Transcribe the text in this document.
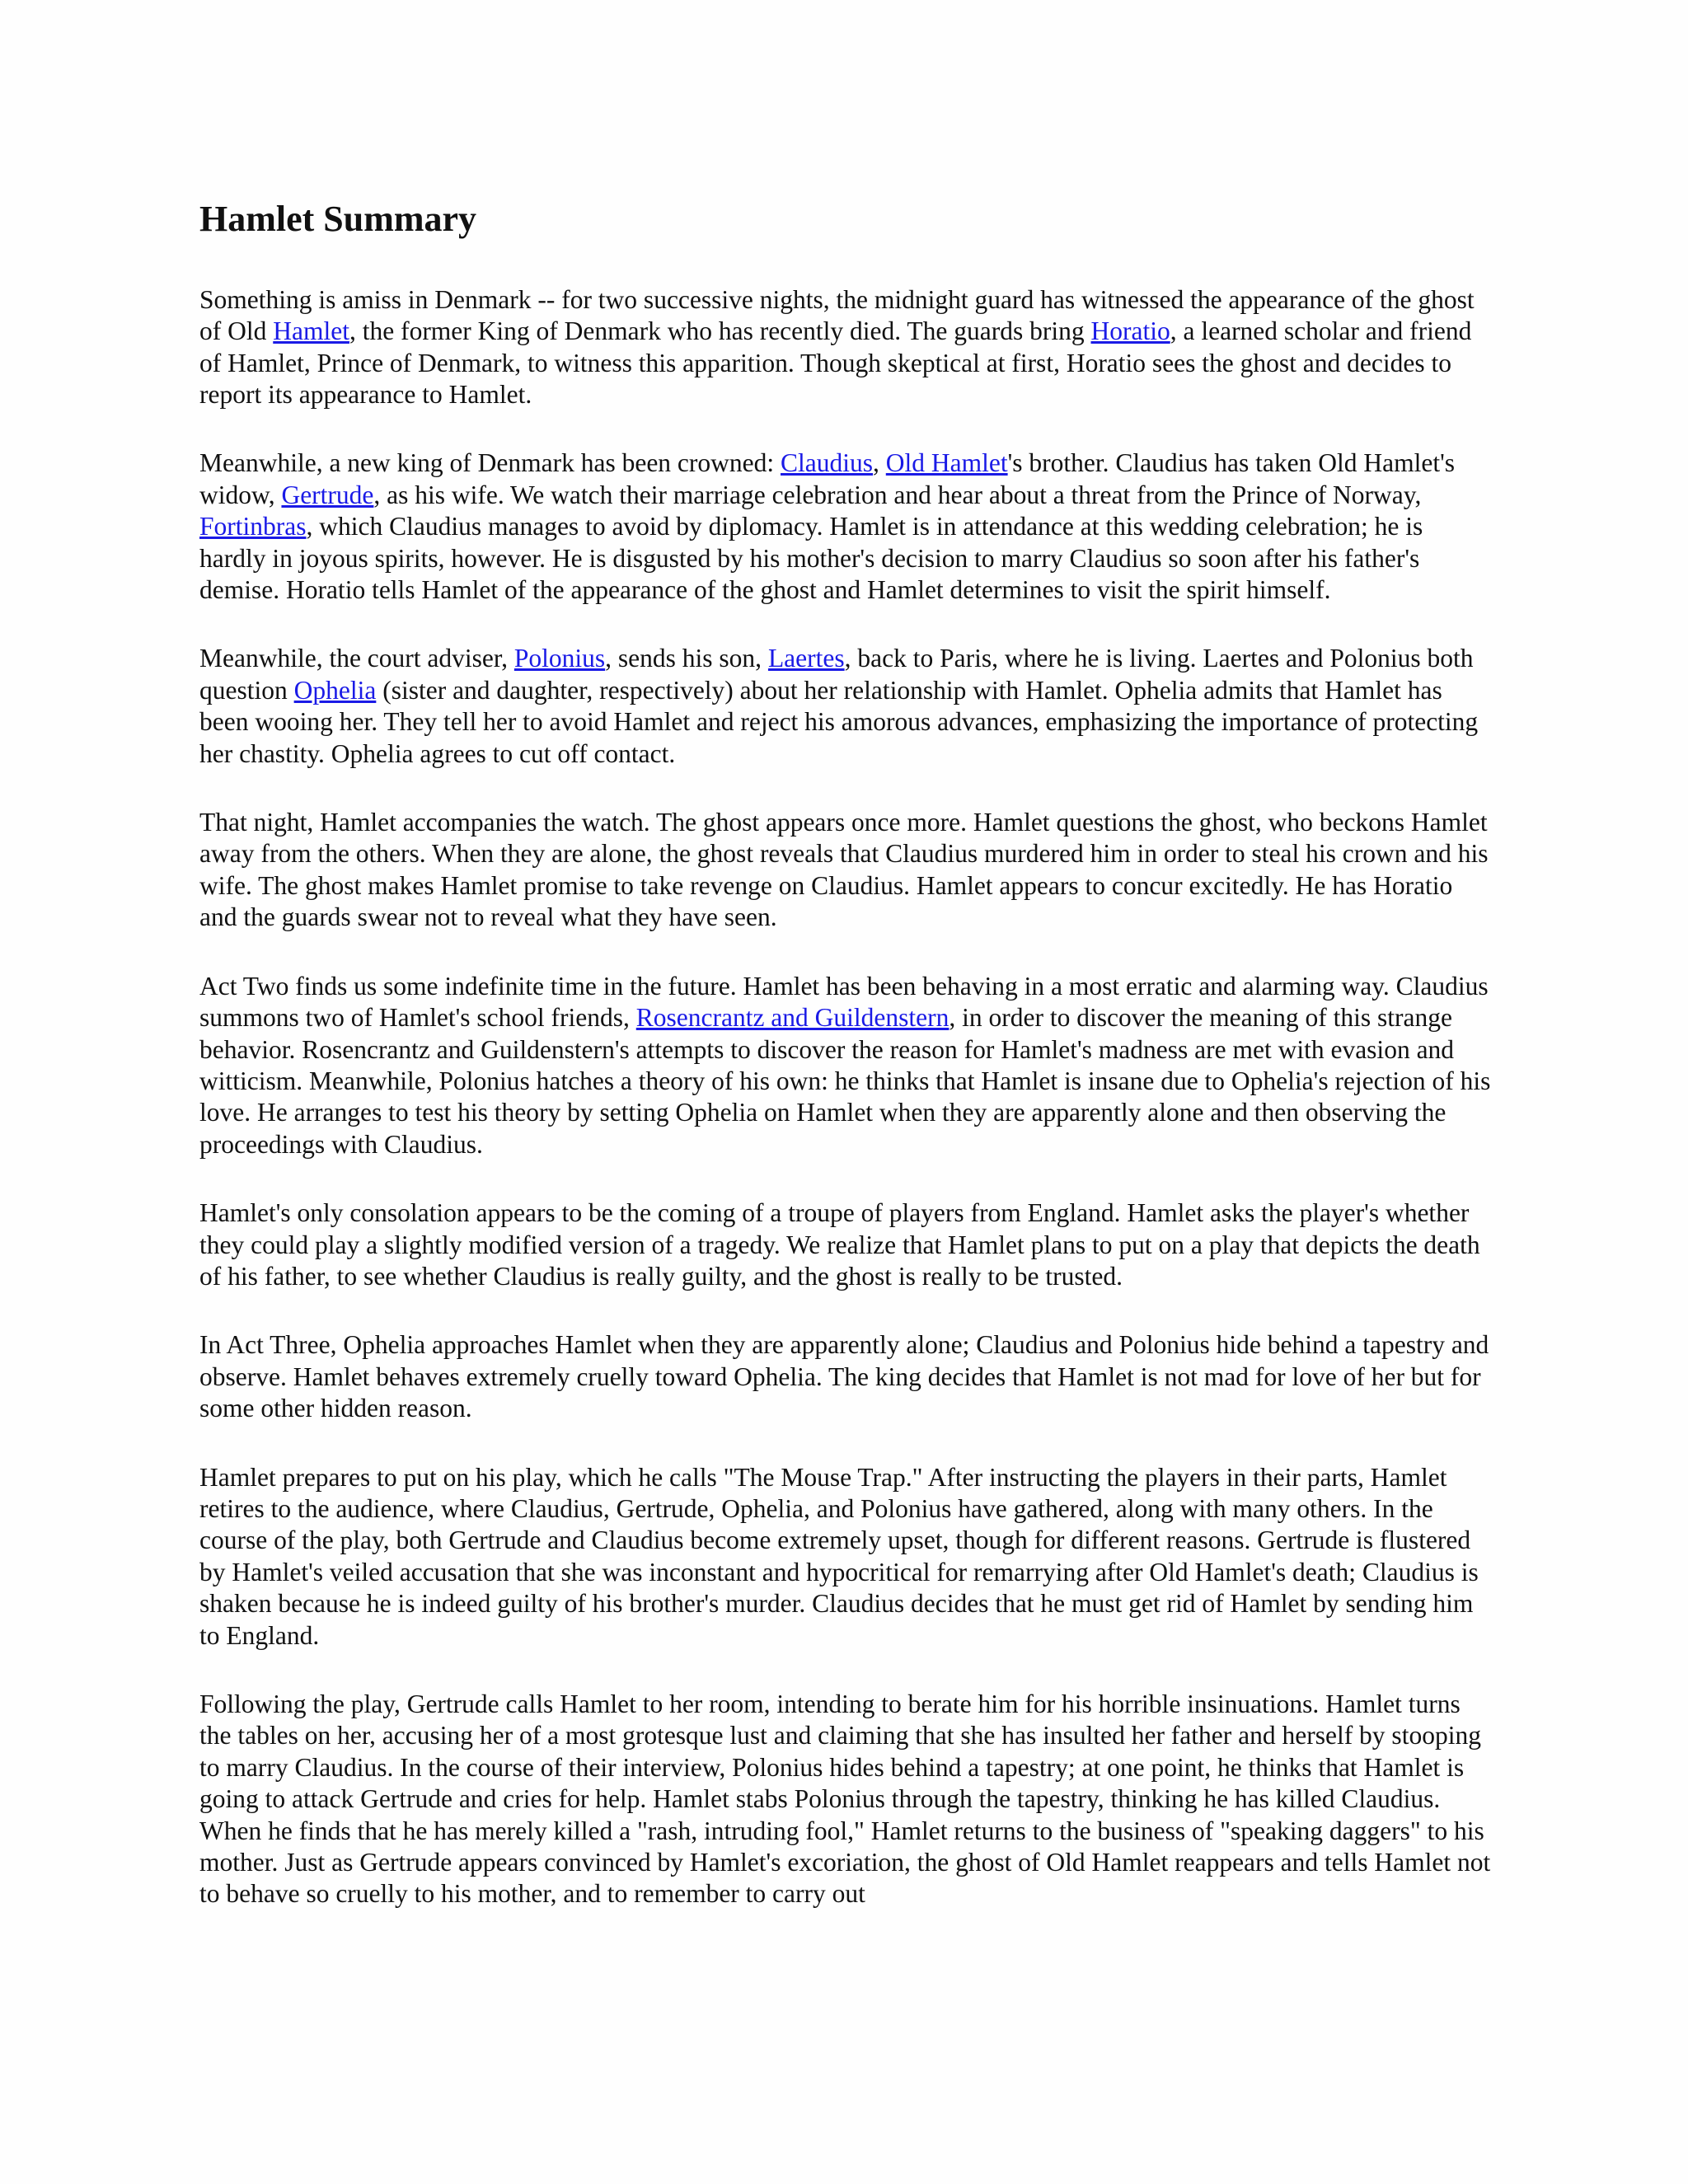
Hamlet Summary

Something is amiss in Denmark -- for two successive nights, the midnight guard has witnessed the appearance of the ghost of Old Hamlet, the former King of Denmark who has recently died. The guards bring Horatio, a learned scholar and friend of Hamlet, Prince of Denmark, to witness this apparition. Though skeptical at first, Horatio sees the ghost and decides to report its appearance to Hamlet.

Meanwhile, a new king of Denmark has been crowned: Claudius, Old Hamlet's brother. Claudius has taken Old Hamlet's widow, Gertrude, as his wife. We watch their marriage celebration and hear about a threat from the Prince of Norway, Fortinbras, which Claudius manages to avoid by diplomacy. Hamlet is in attendance at this wedding celebration; he is hardly in joyous spirits, however. He is disgusted by his mother's decision to marry Claudius so soon after his father's demise. Horatio tells Hamlet of the appearance of the ghost and Hamlet determines to visit the spirit himself.

Meanwhile, the court adviser, Polonius, sends his son, Laertes, back to Paris, where he is living. Laertes and Polonius both question Ophelia (sister and daughter, respectively) about her relationship with Hamlet. Ophelia admits that Hamlet has been wooing her. They tell her to avoid Hamlet and reject his amorous advances, emphasizing the importance of protecting her chastity. Ophelia agrees to cut off contact.

That night, Hamlet accompanies the watch. The ghost appears once more. Hamlet questions the ghost, who beckons Hamlet away from the others. When they are alone, the ghost reveals that Claudius murdered him in order to steal his crown and his wife. The ghost makes Hamlet promise to take revenge on Claudius. Hamlet appears to concur excitedly. He has Horatio and the guards swear not to reveal what they have seen.

Act Two finds us some indefinite time in the future. Hamlet has been behaving in a most erratic and alarming way. Claudius summons two of Hamlet's school friends, Rosencrantz and Guildenstern, in order to discover the meaning of this strange behavior. Rosencrantz and Guildenstern's attempts to discover the reason for Hamlet's madness are met with evasion and witticism. Meanwhile, Polonius hatches a theory of his own: he thinks that Hamlet is insane due to Ophelia's rejection of his love. He arranges to test his theory by setting Ophelia on Hamlet when they are apparently alone and then observing the proceedings with Claudius.

Hamlet's only consolation appears to be the coming of a troupe of players from England. Hamlet asks the player's whether they could play a slightly modified version of a tragedy. We realize that Hamlet plans to put on a play that depicts the death of his father, to see whether Claudius is really guilty, and the ghost is really to be trusted.

In Act Three, Ophelia approaches Hamlet when they are apparently alone; Claudius and Polonius hide behind a tapestry and observe. Hamlet behaves extremely cruelly toward Ophelia. The king decides that Hamlet is not mad for love of her but for some other hidden reason.

Hamlet prepares to put on his play, which he calls "The Mouse Trap." After instructing the players in their parts, Hamlet retires to the audience, where Claudius, Gertrude, Ophelia, and Polonius have gathered, along with many others. In the course of the play, both Gertrude and Claudius become extremely upset, though for different reasons. Gertrude is flustered by Hamlet's veiled accusation that she was inconstant and hypocritical for remarrying after Old Hamlet's death; Claudius is shaken because he is indeed guilty of his brother's murder. Claudius decides that he must get rid of Hamlet by sending him to England.

Following the play, Gertrude calls Hamlet to her room, intending to berate him for his horrible insinuations. Hamlet turns the tables on her, accusing her of a most grotesque lust and claiming that she has insulted her father and herself by stooping to marry Claudius. In the course of their interview, Polonius hides behind a tapestry; at one point, he thinks that Hamlet is going to attack Gertrude and cries for help. Hamlet stabs Polonius through the tapestry, thinking he has killed Claudius. When he finds that he has merely killed a "rash, intruding fool," Hamlet returns to the business of "speaking daggers" to his mother. Just as Gertrude appears convinced by Hamlet's excoriation, the ghost of Old Hamlet reappears and tells Hamlet not to behave so cruelly to his mother, and to remember to carry out
